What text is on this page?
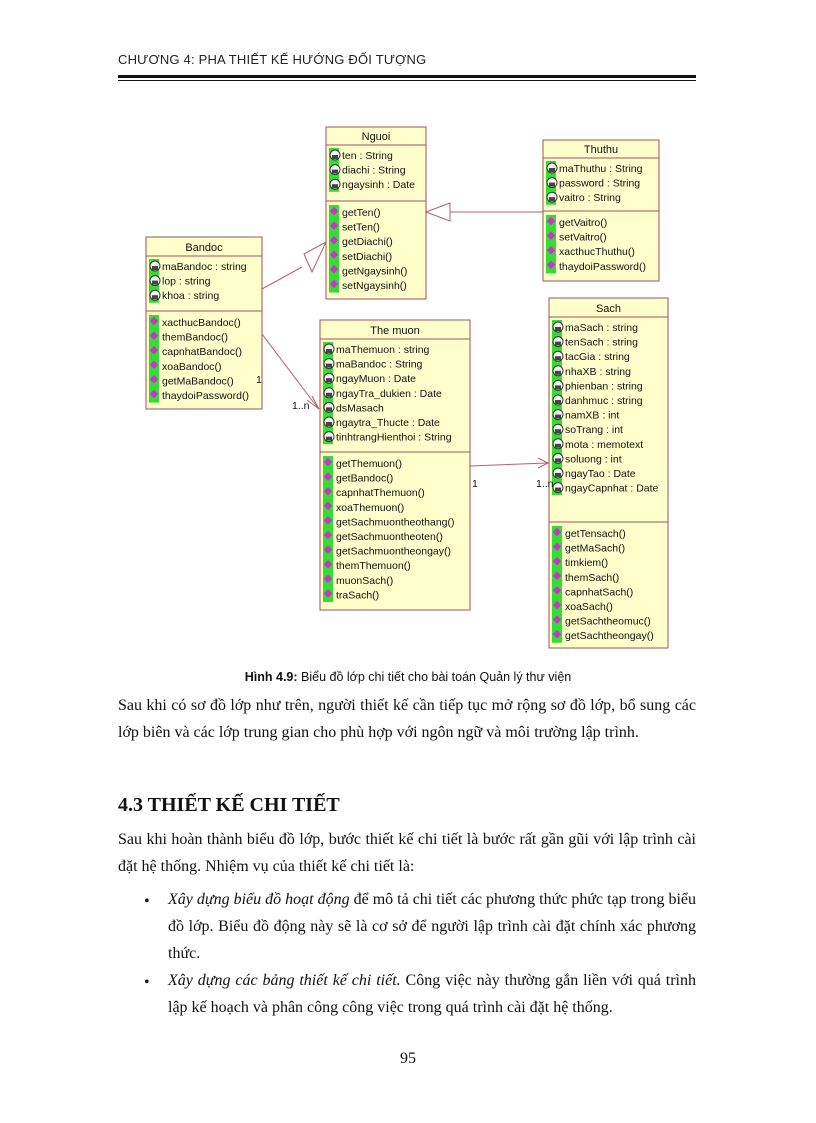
CHƯƠNG 4: PHA THIẾT KẾ HƯỚNG ĐỐI TƯỢNG
Nguoi
ten : String
diachi : String
ngaysinh : Date
getTen()
setTen()
getDiachi()
setDiachi()
getNgaysinh()
setNgaysinh()
Thuthu
maThuthu : String
password : String
vaitro : String
getVaitro()
setVaitro()
xacthucThuthu()
thaydoiPassword()
Bandoc
maBandoc : string
lop : string
khoa : string
xacthucBandoc()
themBandoc()
capnhatBandoc()
xoaBandoc()
getMaBandoc()
thaydoiPassword()
The muon
maThemuon : string
maBandoc : String
ngayMuon : Date
ngayTra_dukien : Date
dsMasach
ngaytra_Thucte : Date
tinhtrangHienthoi : String
getThemuon()
getBandoc()
capnhatThemuon()
xoaThemuon()
getSachmuontheothang()
getSachmuontheoten()
getSachmuontheongay()
themThemuon()
muonSach()
traSach()
Sach
maSach : string
tenSach : string
tacGia : string
nhaXB : string
phienban : string
danhmuc : string
namXB : int
soTrang : int
mota : memotext
soluong : int
ngayTao : Date
ngayCapnhat : Date
getTensach()
getMaSach()
timkiem()
themSach()
capnhatSach()
xoaSach()
getSachtheomuc()
getSachtheongay()
1
1..n
1	1..n
Hình 4.9: Biểu đồ lớp chi tiết cho bài toán Quản lý thư viện
Sau khi có sơ đồ lớp như trên, người thiết kế cần tiếp tục mở rộng sơ đồ lớp, bổ sung các lớp biên và các lớp trung gian cho phù hợp với ngôn ngữ và môi trường lập trình.
4.3 THIẾT KẾ CHI TIẾT
Sau khi hoàn thành biểu đồ lớp, bước thiết kế chi tiết là bước rất gần gũi với lập trình cài đặt hệ thống. Nhiệm vụ của thiết kế chi tiết là:
• Xây dựng biểu đồ hoạt động để mô tả chi tiết các phương thức phức tạp trong biểu đồ lớp. Biểu đồ động này sẽ là cơ sở để người lập trình cài đặt chính xác phương thức.
• Xây dựng các bảng thiết kế chi tiết. Công việc này thường gắn liền với quá trình lập kế hoạch và phân công công việc trong quá trình cài đặt hệ thống.
95
